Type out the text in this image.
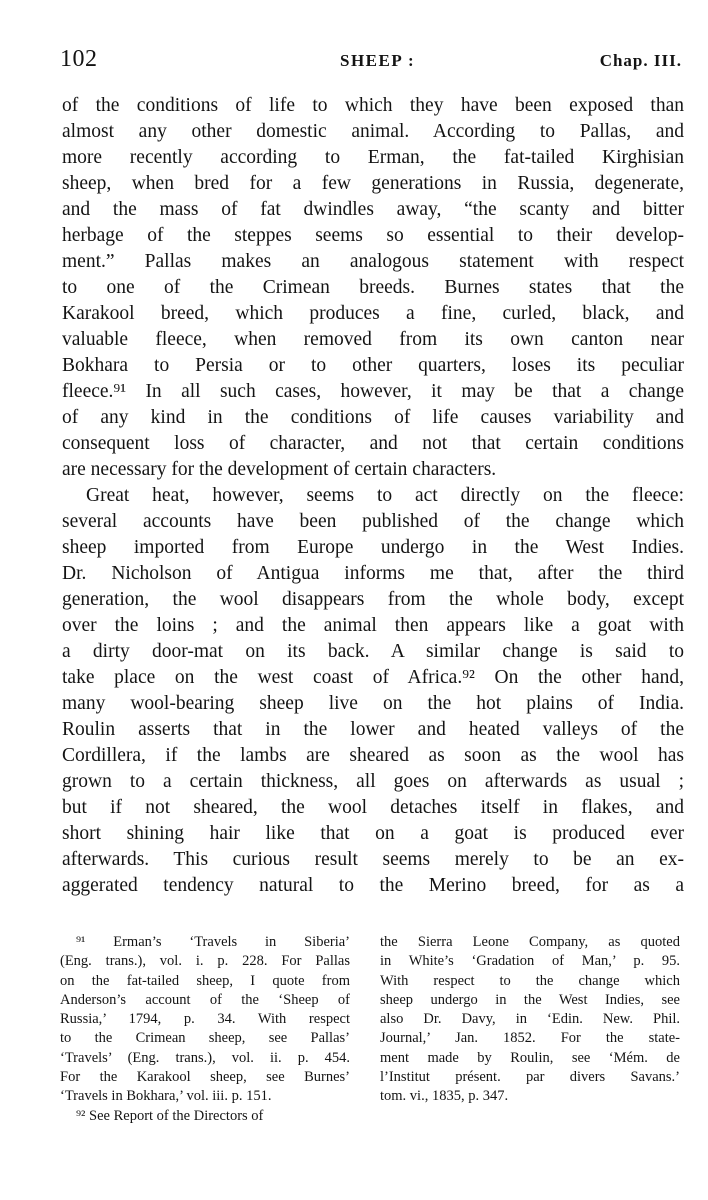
102	SHEEP :	Chap. III.
of the conditions of life to which they have been exposed than
almost any other domestic animal. According to Pallas, and
more recently according to Erman, the fat-tailed Kirghisian
sheep, when bred for a few generations in Russia, degenerate,
and the mass of fat dwindles away, “the scanty and bitter
herbage of the steppes seems so essential to their develop-
ment.” Pallas makes an analogous statement with respect
to one of the Crimean breeds. Burnes states that the
Karakool breed, which produces a fine, curled, black, and
valuable fleece, when removed from its own canton near
Bokhara to Persia or to other quarters, loses its peculiar
fleece.⁹¹ In all such cases, however, it may be that a change
of any kind in the conditions of life causes variability and
consequent loss of character, and not that certain conditions
are necessary for the development of certain characters.
Great heat, however, seems to act directly on the fleece:
several accounts have been published of the change which
sheep imported from Europe undergo in the West Indies.
Dr. Nicholson of Antigua informs me that, after the third
generation, the wool disappears from the whole body, except
over the loins ; and the animal then appears like a goat with
a dirty door-mat on its back. A similar change is said to
take place on the west coast of Africa.⁹² On the other hand,
many wool-bearing sheep live on the hot plains of India.
Roulin asserts that in the lower and heated valleys of the
Cordillera, if the lambs are sheared as soon as the wool has
grown to a certain thickness, all goes on afterwards as usual ;
but if not sheared, the wool detaches itself in flakes, and
short shining hair like that on a goat is produced ever
afterwards. This curious result seems merely to be an ex-
aggerated tendency natural to the Merino breed, for as a
⁹¹ Erman’s ‘Travels in Siberia’
(Eng. trans.), vol. i. p. 228. For Pallas
on the fat-tailed sheep, I quote from
Anderson’s account of the ‘Sheep of
Russia,’ 1794, p. 34. With respect
to the Crimean sheep, see Pallas’
‘Travels’ (Eng. trans.), vol. ii. p. 454.
For the Karakool sheep, see Burnes’
‘Travels in Bokhara,’ vol. iii. p. 151.
⁹² See Report of the Directors of
the Sierra Leone Company, as quoted
in White’s ‘Gradation of Man,’ p. 95.
With respect to the change which
sheep undergo in the West Indies, see
also Dr. Davy, in ‘Edin. New. Phil.
Journal,’ Jan. 1852. For the state-
ment made by Roulin, see ‘Mém. de
l’Institut présent. par divers Savans.’
tom. vi., 1835, p. 347.
